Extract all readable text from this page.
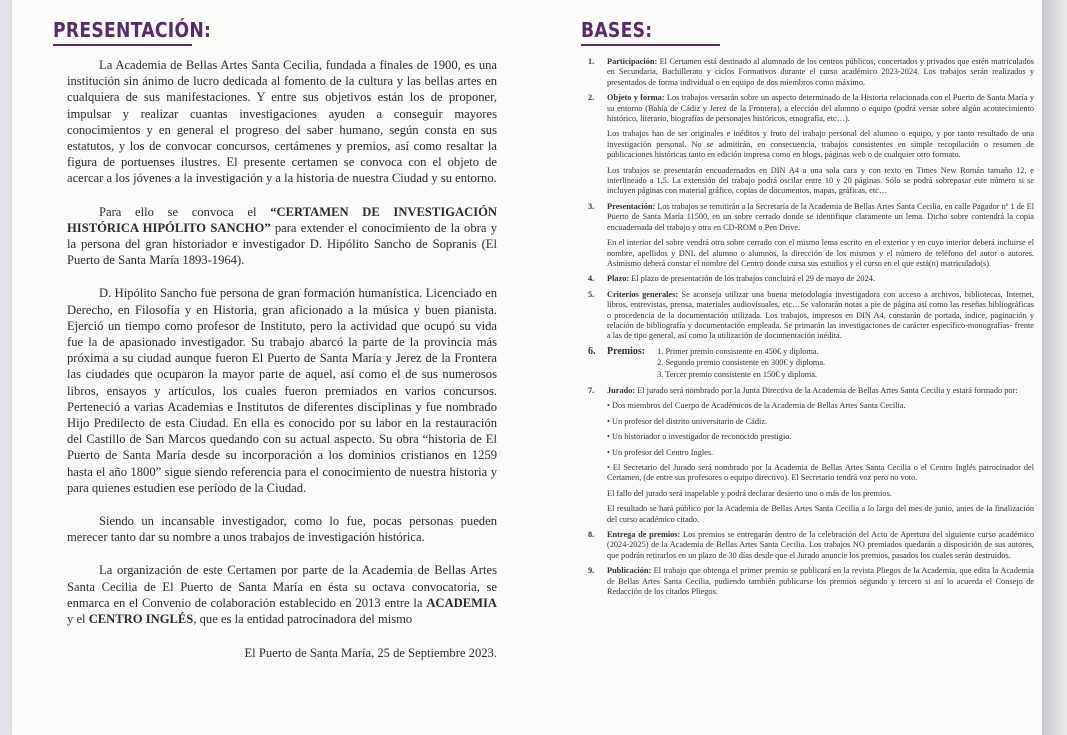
PRESENTACIÓN:

La Academia de Bellas Artes Santa Cecilia, fundada a finales de 1900, es una institución sin ánimo de lucro dedicada al fomento de la cultura y las bellas artes en cualquiera de sus manifestaciones. Y entre sus objetivos están los de proponer, impulsar y realizar cuantas investigaciones ayuden a conseguir mayores conocimientos y en general el progreso del saber humano, según consta en sus estatutos, y los de convocar concursos, certámenes y premios, así como resaltar la figura de portuenses ilustres. El presente certamen se convoca con el objeto de acercar a los jóvenes a la investigación y a la historia de nuestra Ciudad y su entorno.

Para ello se convoca el “CERTAMEN DE INVESTIGACIÓN HISTÓRICA HIPÓLITO SANCHO” para extender el conocimiento de la obra y la persona del gran historiador e investigador D. Hipólito Sancho de Sopranis (El Puerto de Santa María 1893-1964).

D. Hipólito Sancho fue persona de gran formación humanística. Licenciado en Derecho, en Filosofía y en Historia, gran aficionado a la música y buen pianista. Ejerció un tiempo como profesor de Instituto, pero la actividad que ocupó su vida fue la de apasionado investigador. Su trabajo abarcó la parte de la provincia más próxima a su ciudad aunque fueron El Puerto de Santa María y Jerez de la Frontera las ciudades que ocuparon la mayor parte de aquel, así como el de sus numerosos libros, ensayos y artículos, los cuales fueron premiados en varios concursos. Perteneció a varias Academias e Institutos de diferentes disciplinas y fue nombrado Hijo Predilecto de esta Ciudad. En ella es conocido por su labor en la restauración del Castillo de San Marcos quedando con su actual aspecto. Su obra “historia de El Puerto de Santa María desde su incorporación a los dominios cristianos en 1259 hasta el año 1800” sigue siendo referencia para el conocimiento de nuestra historia y para quienes estudien ese período de la Ciudad.

Siendo un incansable investigador, como lo fue, pocas personas pueden merecer tanto dar su nombre a unos trabajos de investigación histórica.

La organización de este Certamen por parte de la Academia de Bellas Artes Santa Cecilia de El Puerto de Santa María en ésta su octava convocatoria, se enmarca en el Convenio de colaboración establecido en 2013 entre la ACADEMIA y el CENTRO INGLÉS, que es la entidad patrocinadora del mismo

El Puerto de Santa María, 25 de Septiembre 2023.

BASES:
1.	Participación: El Certamen está destinado al alumnado de los centros públicos, concertados y privados que estén matriculados en Secundaria, Bachillerato y ciclos Formativos durante el curso académico 2023-2024. Los trabajos serán realizados y presentados de forma individual o en equipo de dos miembros como máximo.

2.	Objeto y forma: Los trabajos versarán sobre un aspecto determinado de la Historia relacionada con el Puerto de Santa María y su entorno (Bahía de Cádiz y Jerez de la Frontera), a elección del alumno o equipo (podrá versar sobre algún acontecimiento histórico, literario, biografías de personajes históricos, etnografía, etc…).

Los trabajos han de ser originales e inéditos y fruto del trabajo personal del alumno o equipo, y por tanto resultado de una investigación personal. No se admitirán, en consecuencia, trabajos consistentes en simple recopilación o resumen de publicaciones históricas tanto en edición impresa como en blogs, páginas web o de cualquier otro formato.

Los trabajos se presentarán encuadernados en DIN A4 a una sola cara y con texto en Times New Román tamaño 12, e interlineado a 1,5. La extensión del trabajo podrá oscilar entre 10 y 20 páginas. Sólo se podrá sobrepasar este número si se incluyen páginas con material gráfico, copias de documentos, mapas, gráficas, etc…

3.	Presentación: Los trabajos se remitirán a la Secretaría de la Academia de Bellas Artes Santa Cecilia, en calle Pagador nº 1 de El Puerto de Santa María 11500, en un sobre cerrado donde se identifique claramente un lema. Dicho sobre contendrá la copia encuadernada del trabajo y otra en CD-ROM o Pen Drive.

En el interior del sobre vendrá otro sobre cerrado con el mismo lema escrito en el exterior y en cuyo interior deberá incluirse el nombre, apellidos y DNI. del alumno o alumnos, la dirección de los mismos y el número de teléfono del autor o autores. Asimismo deberá constar el nombre del Centro donde cursa sus estudios y el curso en el que está(n) matriculado(s).

4.	Plazo: El plazo de presentación de los trabajos concluirá el 29 de mayo de 2024.

5.	Criterios generales: Se aconseja utilizar una buena metodología investigadora con acceso a archivos, bibliotecas, Internet, libros, entrevistas, prensa, materiales audiovisuales, etc…Se valorarán notas a pie de página así como las reseñas bibliográficas o procedencia de la documentación utilizada. Los trabajos, impresos en DIN A4, constarán de portada, índice, paginación y relación de bibliografía y documentación empleada. Se primarán las investigaciones de carácter específico-monografías- frente a las de tipo general, así como la utilización de documentación inédita.

6.	Premios: 1. Primer premio consistente en 450€ y diploma.
2. Segundo premio consistente en 300€ y diploma.
3. Tercer premio consistente en 150€ y diploma.
7.	Jurado: El jurado será nombrado por la Junta Directiva de la Academia de Bellas Artes Santa Cecilia y estará formado por:

• Dos miembros del Cuerpo de Académicos de la Academia de Bellas Artes Santa Cecilia.

• Un profesor del distrito universitario de Cádiz.

• Un historiador o investigador de reconocido prestigio.

• Un profesor del Centro Ingles.

• El Secretario del Jurado será nombrado por la Academia de Bellas Artes Santa Cecilia o el Centro Inglés patrocinador del Certamen, (de entre sus profesores o equipo directivo). El Secretario tendrá voz pero no voto.

El fallo del jurado será inapelable y podrá declarar desierto uno o más de los premios.

El resultado se hará público por la Academia de Bellas Artes Santa Cecilia a lo largo del mes de junio, antes de la finalización del curso académico citado.

8.	Entrega de premios: Los premios se entregarán dentro de la celebración del Acto de Apertura del siguiente curso académico (2024-2025) de la Academia de Bellas Artes Santa Cecilia. Los trabajos NO premiados quedarán a disposición de sus autores, que podrán retirarlos en un plazo de 30 días desde que el Jurado anuncie los premios, pasados los cuales serán destruidos.

9.	Publicación: El trabajo que obtenga el primer premio se publicará en la revista Pliegos de la Academia, que edita la Academia de Bellas Artes Santa Cecilia, pudiendo también publicarse los premios segundo y tercero si así lo acuerda el Consejo de Redacción de los citados Pliegos.
